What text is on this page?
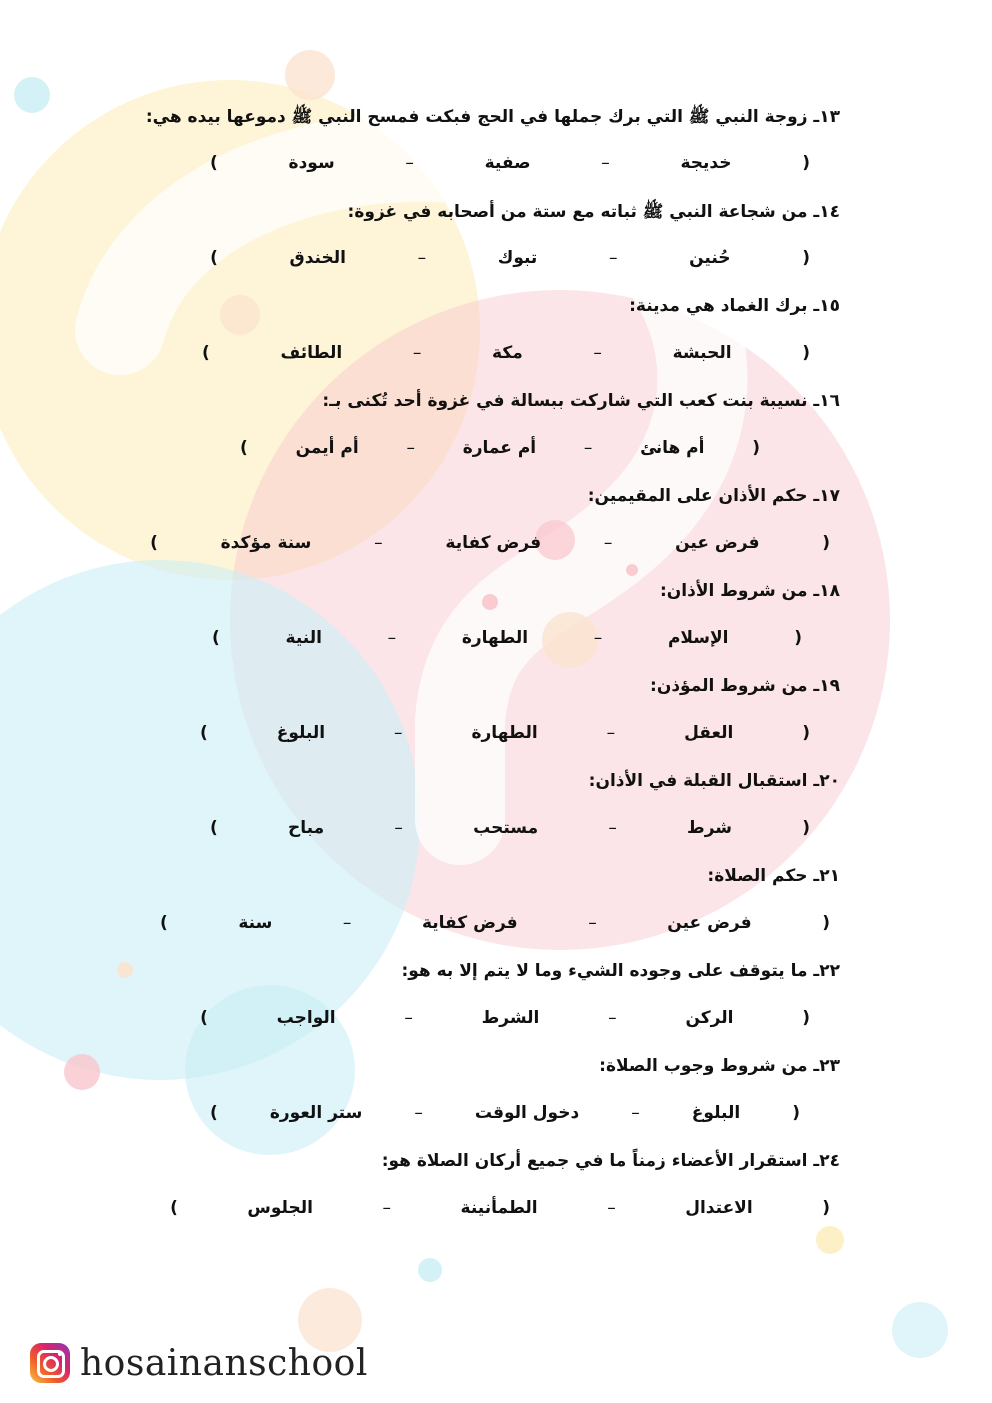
١٣ـ زوجة النبي ﷺ التي برك جملها في الحج فبكت فمسح النبي ﷺ دموعها بيده هي:
(
خديجة
–
صفية
–
سودة
)
١٤ـ من شجاعة النبي ﷺ ثباته مع ستة من أصحابه في غزوة:
(
حُنين
–
تبوك
–
الخندق
)
١٥ـ برك الغماد هي مدينة:
(
الحبشة
–
مكة
–
الطائف
)
١٦ـ نسيبة بنت كعب التي شاركت ببسالة في غزوة أحد تُكنى بـ:
(
أم هانئ
–
أم عمارة
–
أم أيمن
)
١٧ـ حكم الأذان على المقيمين:
(
فرض عين
–
فرض كفاية
–
سنة مؤكدة
)
١٨ـ من شروط الأذان:
(
الإسلام
–
الطهارة
–
النية
)
١٩ـ من شروط المؤذن:
(
العقل
–
الطهارة
–
البلوغ
)
٢٠ـ استقبال القبلة في الأذان:
(
شرط
–
مستحب
–
مباح
)
٢١ـ حكم الصلاة:
(
فرض عين
–
فرض كفاية
–
سنة
)
٢٢ـ ما يتوقف على وجوده الشيء وما لا يتم إلا به هو:
(
الركن
–
الشرط
–
الواجب
)
٢٣ـ من شروط وجوب الصلاة:
(
البلوغ
–
دخول الوقت
–
ستر العورة
)
٢٤ـ استقرار الأعضاء زمناً ما في جميع أركان الصلاة هو:
(
الاعتدال
–
الطمأنينة
–
الجلوس
)
hosainanschool
